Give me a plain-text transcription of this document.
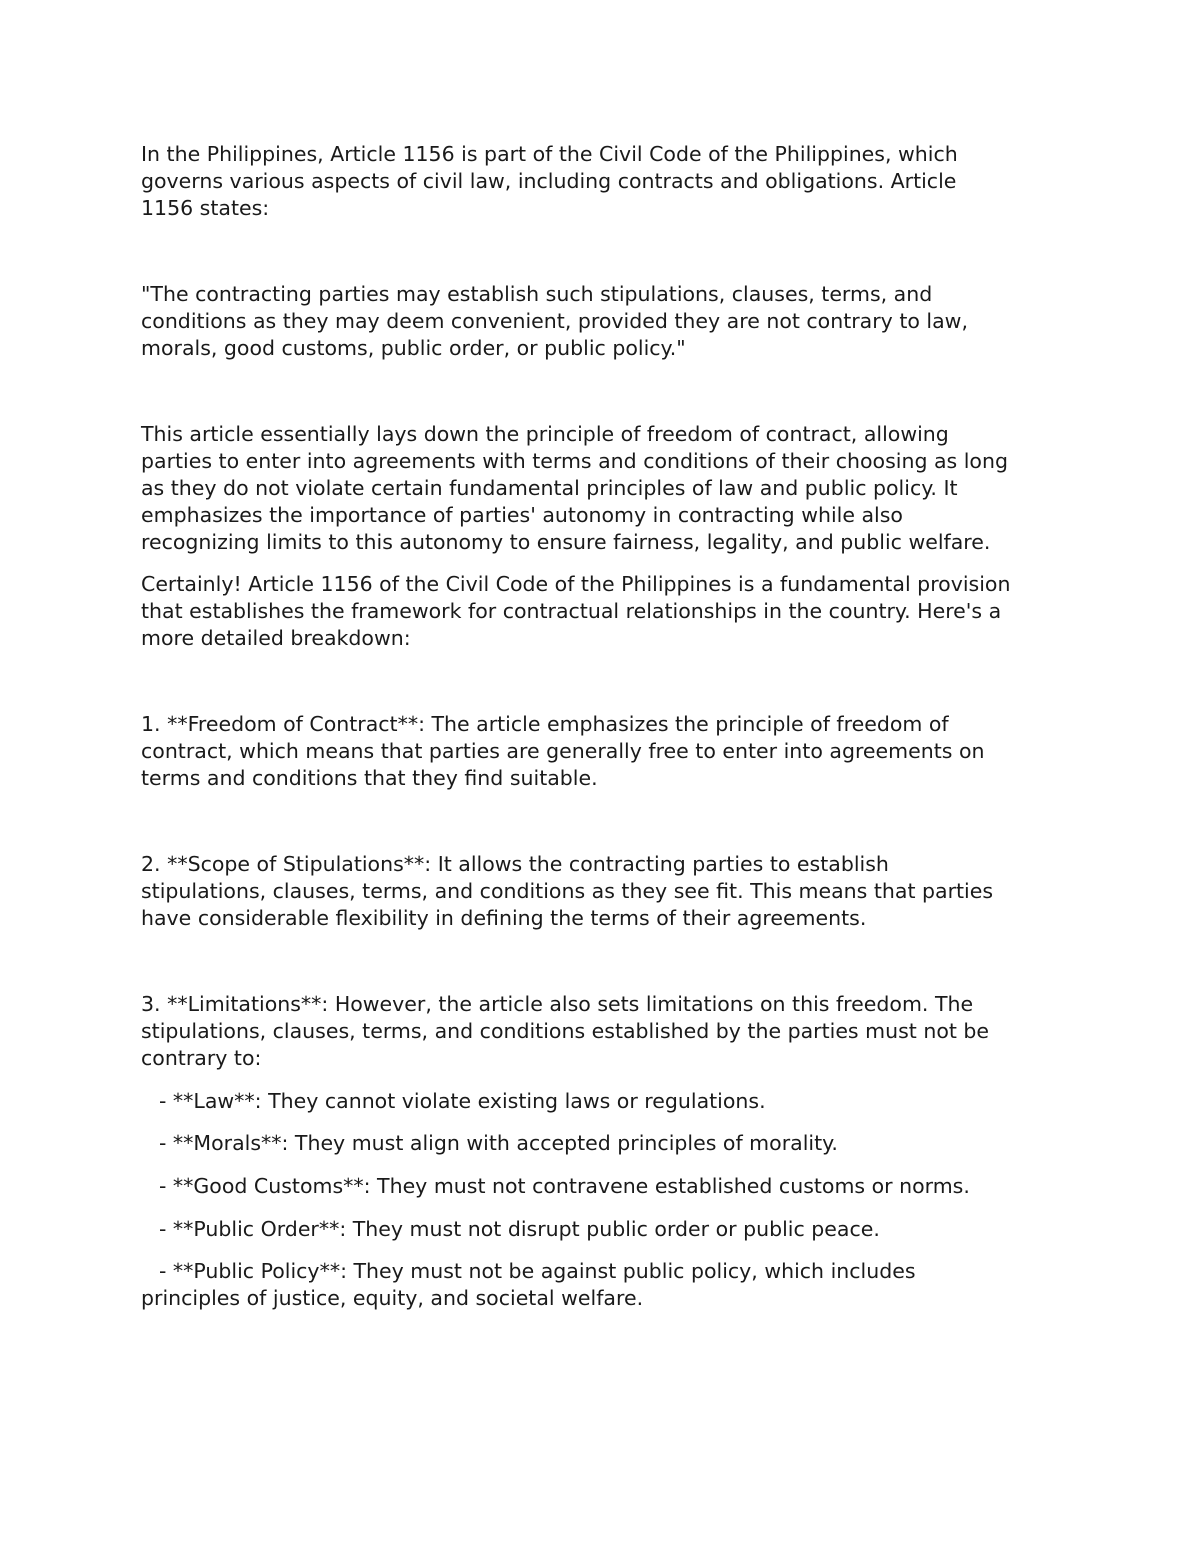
In the Philippines, Article 1156 is part of the Civil Code of the Philippines, which
governs various aspects of civil law, including contracts and obligations. Article
1156 states:

"The contracting parties may establish such stipulations, clauses, terms, and
conditions as they may deem convenient, provided they are not contrary to law,
morals, good customs, public order, or public policy."

This article essentially lays down the principle of freedom of contract, allowing
parties to enter into agreements with terms and conditions of their choosing as long
as they do not violate certain fundamental principles of law and public policy. It
emphasizes the importance of parties' autonomy in contracting while also
recognizing limits to this autonomy to ensure fairness, legality, and public welfare.

Certainly! Article 1156 of the Civil Code of the Philippines is a fundamental provision
that establishes the framework for contractual relationships in the country. Here's a
more detailed breakdown:

1. **Freedom of Contract**: The article emphasizes the principle of freedom of
contract, which means that parties are generally free to enter into agreements on
terms and conditions that they find suitable.

2. **Scope of Stipulations**: It allows the contracting parties to establish
stipulations, clauses, terms, and conditions as they see fit. This means that parties
have considerable flexibility in defining the terms of their agreements.

3. **Limitations**: However, the article also sets limitations on this freedom. The
stipulations, clauses, terms, and conditions established by the parties must not be
contrary to:

- **Law**: They cannot violate existing laws or regulations.

- **Morals**: They must align with accepted principles of morality.

- **Good Customs**: They must not contravene established customs or norms.

- **Public Order**: They must not disrupt public order or public peace.

- **Public Policy**: They must not be against public policy, which includes
principles of justice, equity, and societal welfare.
